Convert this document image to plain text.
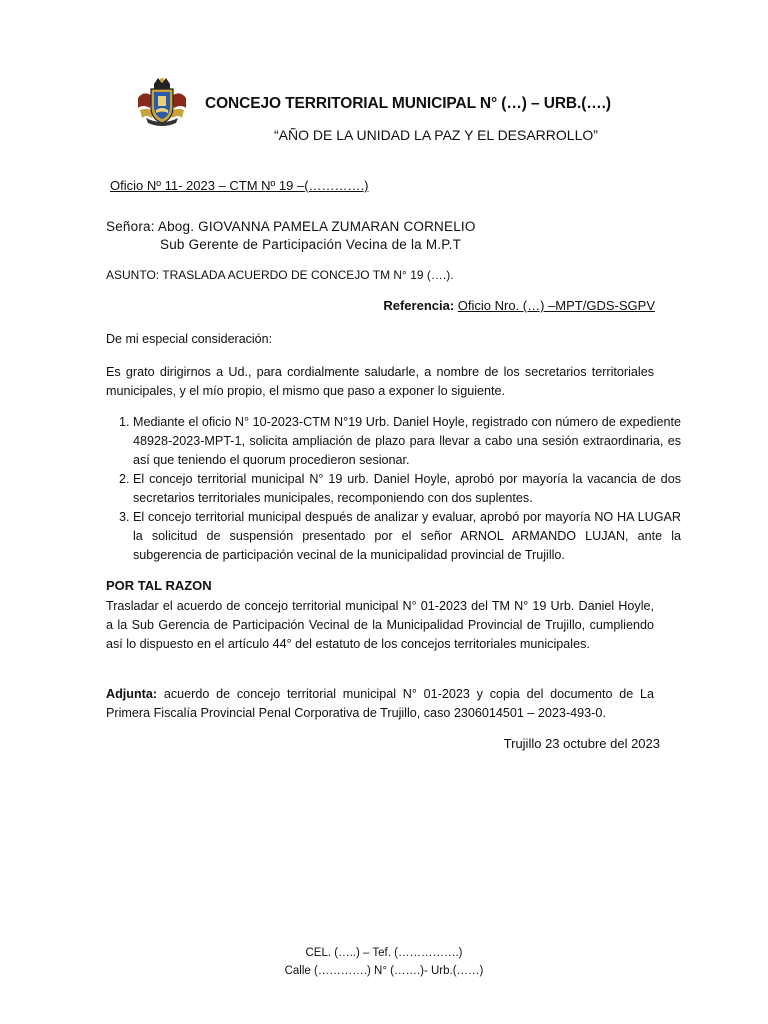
CONCEJO TERRITORIAL MUNICIPAL N° (…) – URB.(….)
“AÑO DE LA UNIDAD LA PAZ Y EL DESARROLLO”
Oficio Nº 11- 2023 – CTM Nº 19 –(………….)
Señora: Abog. GIOVANNA PAMELA ZUMARAN CORNELIO
Sub Gerente de Participación Vecina de la M.P.T
ASUNTO: TRASLADA ACUERDO DE CONCEJO TM N° 19 (….).
Referencia: Oficio Nro. (…) –MPT/GDS-SGPV
De mi especial consideración:
Es grato dirigirnos a Ud., para cordialmente saludarle, a nombre de los secretarios territoriales municipales, y el mío propio, el mismo que paso a exponer lo siguiente.
1. Mediante el oficio N° 10-2023-CTM N°19 Urb. Daniel Hoyle, registrado con número de expediente 48928-2023-MPT-1, solicita ampliación de plazo para llevar a cabo una sesión extraordinaria, es así que teniendo el quorum procedieron sesionar.
2. El concejo territorial municipal N° 19 urb. Daniel Hoyle, aprobó por mayoría la vacancia de dos secretarios territoriales municipales, recomponiendo con dos suplentes.
3. El concejo territorial municipal después de analizar y evaluar, aprobó por mayoría NO HA LUGAR la solicitud de suspensión presentado por el señor ARNOL ARMANDO LUJAN, ante la subgerencia de participación vecinal de la municipalidad provincial de Trujillo.
POR TAL RAZON
Trasladar el acuerdo de concejo territorial municipal N° 01-2023 del TM N° 19 Urb. Daniel Hoyle, a la Sub Gerencia de Participación Vecinal de la Municipalidad Provincial de Trujillo, cumpliendo así lo dispuesto en el artículo 44° del estatuto de los concejos territoriales municipales.
Adjunta: acuerdo de concejo territorial municipal N° 01-2023 y copia del documento de La Primera Fiscalía Provincial Penal Corporativa de Trujillo, caso 2306014501 – 2023-493-0.
Trujillo 23 octubre del 2023
CEL. (…..) – Tef. (…………….)
Calle (………….) N° (…….)- Urb.(……)
